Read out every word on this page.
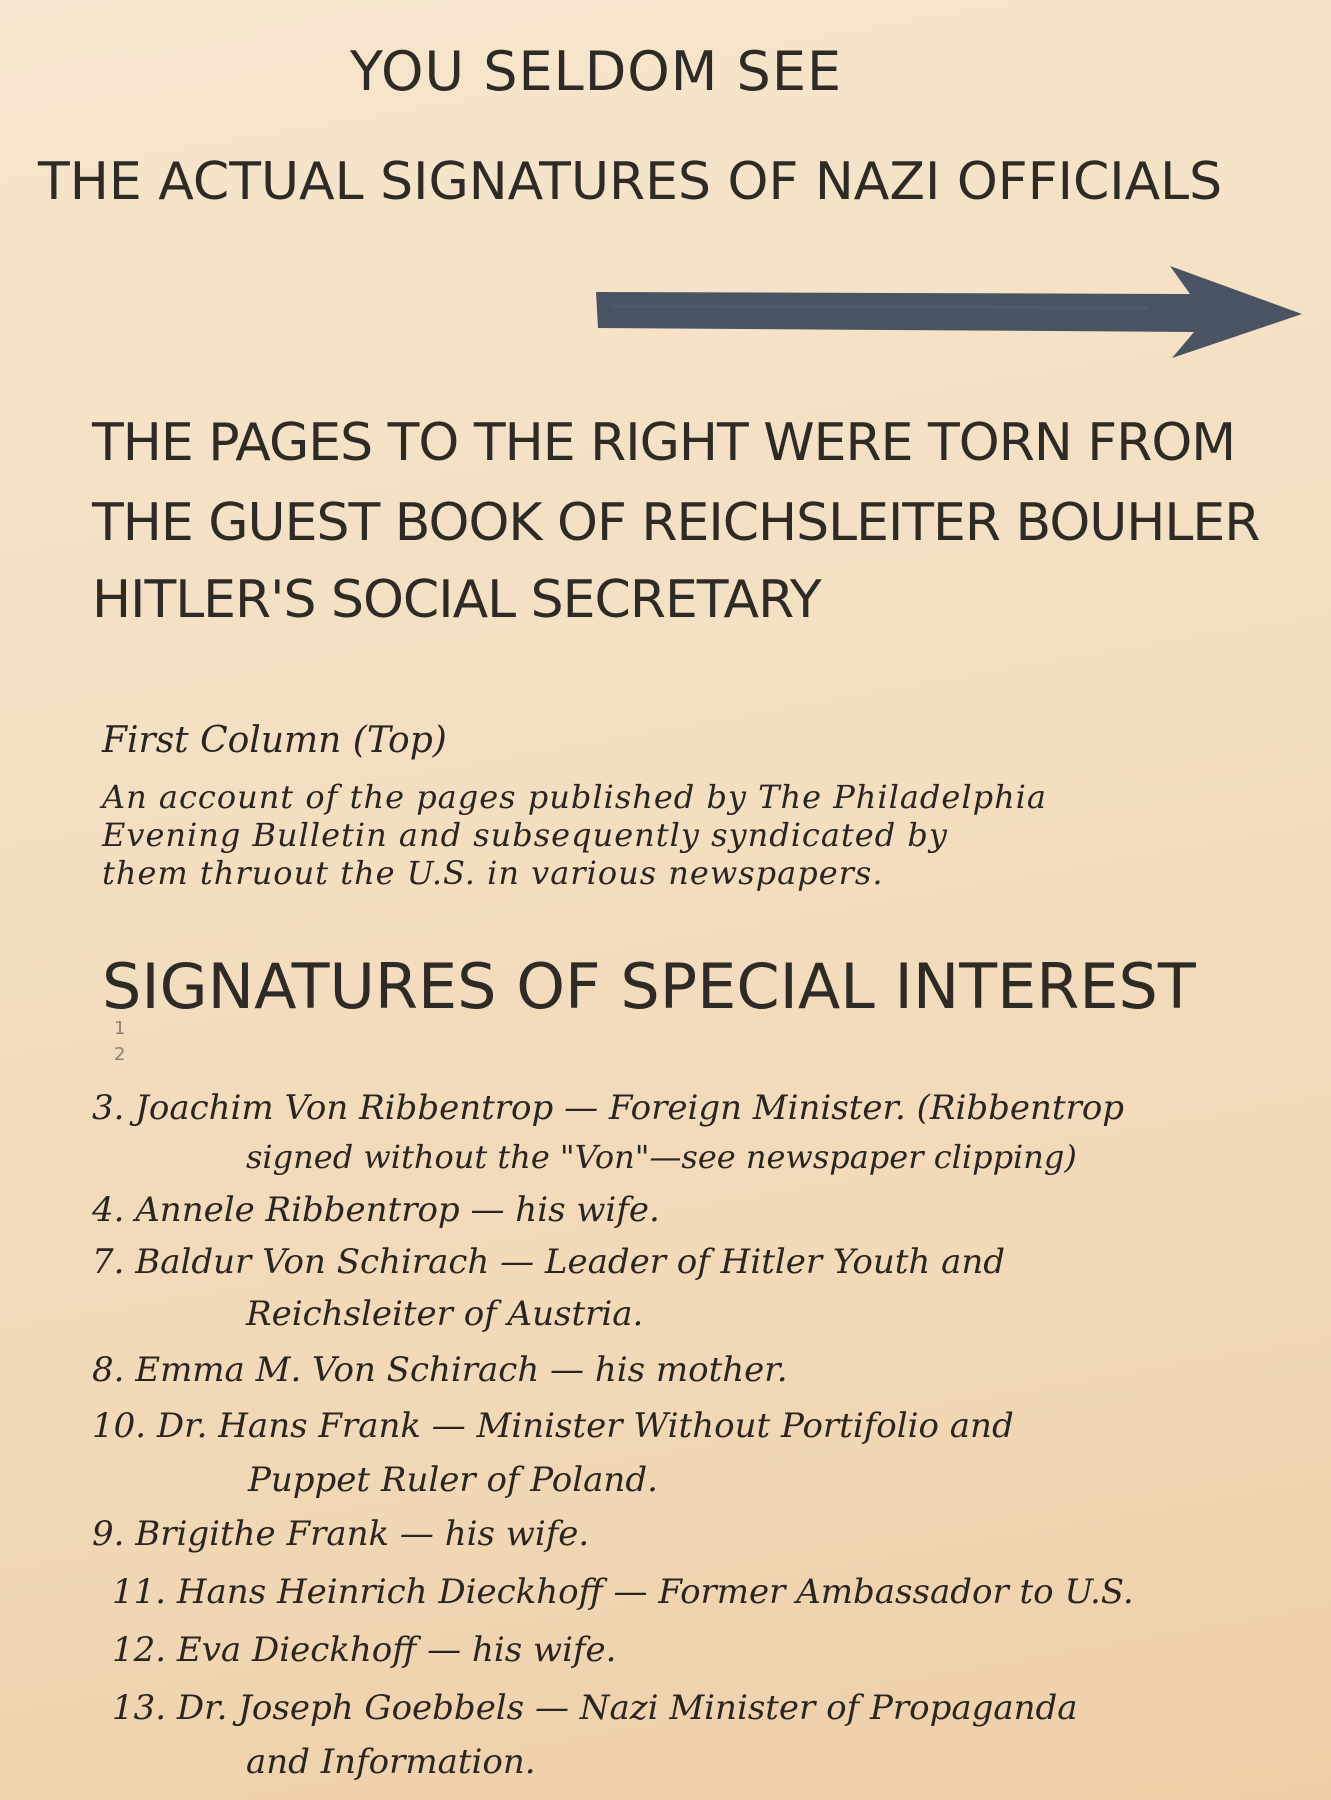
YOU SELDOM SEE
THE ACTUAL SIGNATURES OF NAZI OFFICIALS
THE PAGES TO THE RIGHT WERE TORN FROM
THE GUEST BOOK OF REICHSLEITER BOUHLER
HITLER'S SOCIAL SECRETARY
First Column (Top)
An account of the pages published by The Philadelphia
Evening Bulletin and subsequently syndicated by
them thruout the U.S. in various newspapers.
SIGNATURES OF SPECIAL INTEREST
1
2
3. Joachim Von Ribbentrop — Foreign Minister. (Ribbentrop
signed without the "Von"—see newspaper clipping)
4. Annele Ribbentrop — his wife.
7. Baldur Von Schirach — Leader of Hitler Youth and
Reichsleiter of Austria.
8. Emma M. Von Schirach — his mother.
10. Dr. Hans Frank — Minister Without Portifolio and
Puppet Ruler of Poland.
9. Brigithe Frank — his wife.
11. Hans Heinrich Dieckhoff — Former Ambassador to U.S.
12. Eva Dieckhoff — his wife.
13. Dr. Joseph Goebbels — Nazi Minister of Propaganda
and Information.
